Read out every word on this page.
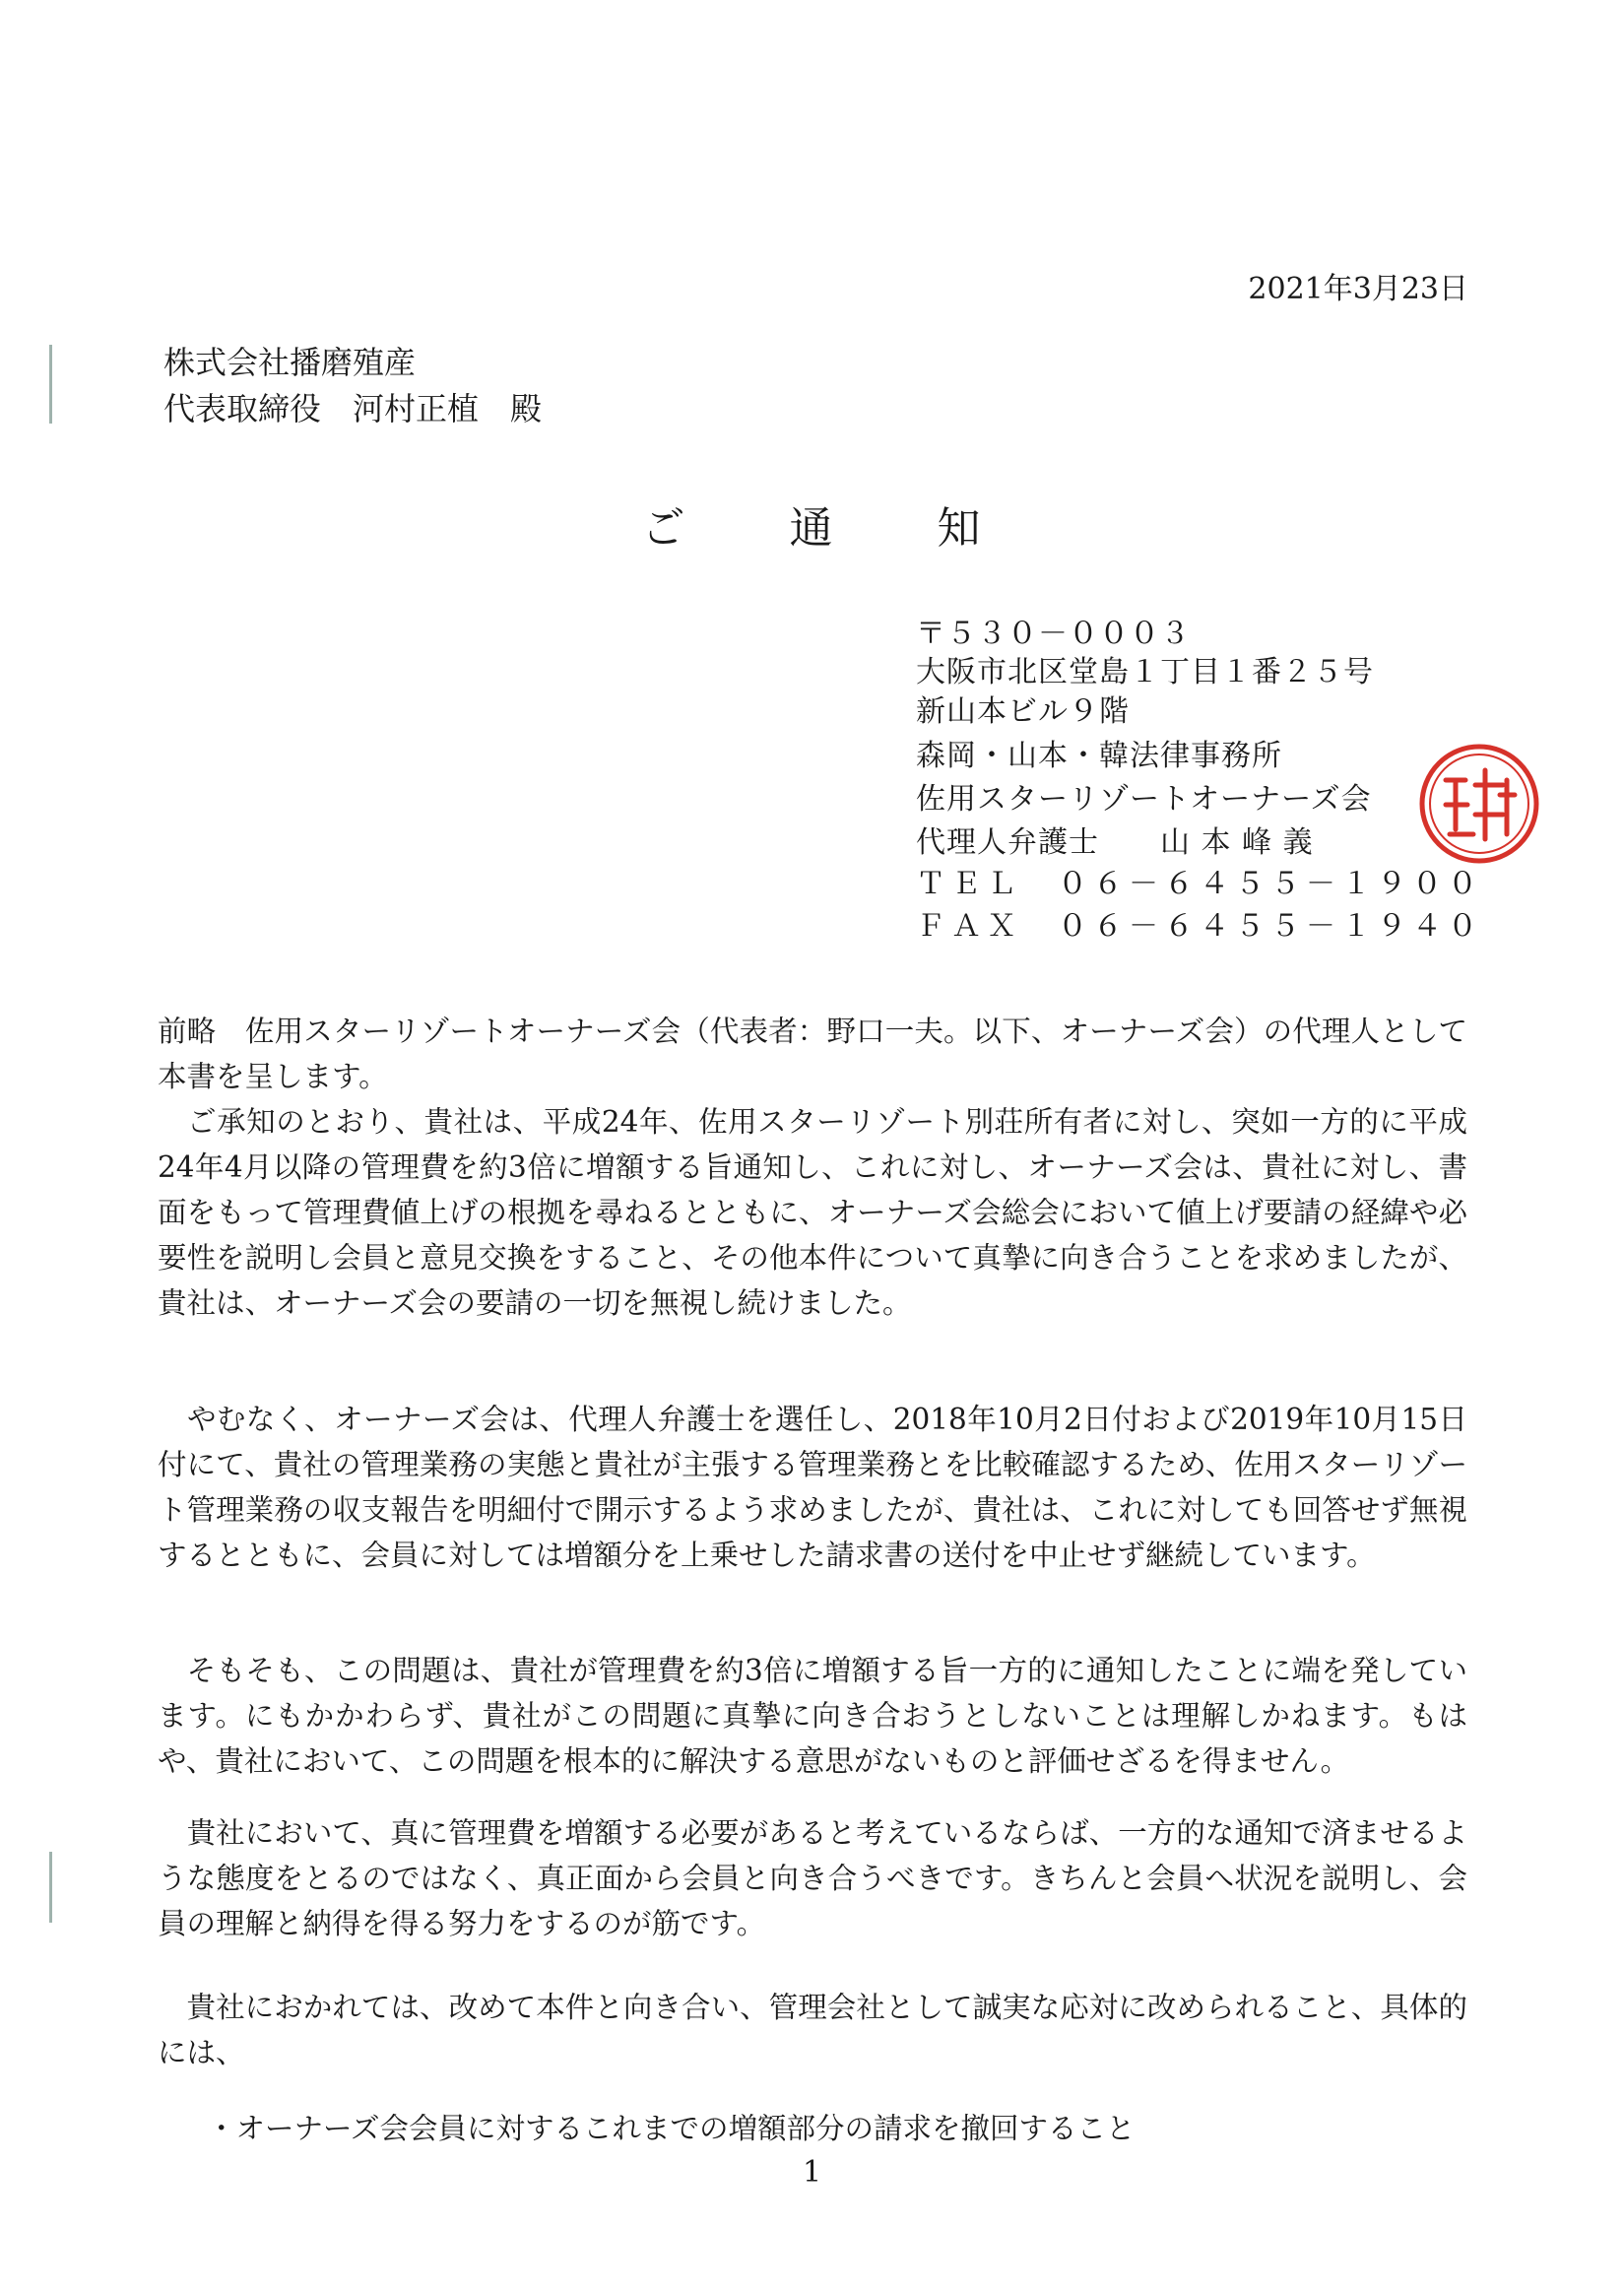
2021年3月23日
株式会社播磨殖産
代表取締役　河村正植　殿
ご 通 知
〒５３０－０００３
大阪市北区堂島１丁目１番２５号
新山本ビル９階
森岡・山本・韓法律事務所
佐用スターリゾートオーナーズ会
代理人弁護士　　山 本 峰 義
ＴＥＬ　０６－６４５５－１９００
ＦＡＸ　０６－６４５５－１９４０
前略　佐用スターリゾートオーナーズ会（代表者：野口一夫。以下、オーナーズ会）の代理人として本書を呈します。
　ご承知のとおり、貴社は、平成24年、佐用スターリゾート別荘所有者に対し、突如一方的に平成24年4月以降の管理費を約3倍に増額する旨通知し、これに対し、オーナーズ会は、貴社に対し、書面をもって管理費値上げの根拠を尋ねるとともに、オーナーズ会総会において値上げ要請の経緯や必要性を説明し会員と意見交換をすること、その他本件について真摯に向き合うことを求めましたが、貴社は、オーナーズ会の要請の一切を無視し続けました。
　やむなく、オーナーズ会は、代理人弁護士を選任し、2018年10月2日付および2019年10月15日付にて、貴社の管理業務の実態と貴社が主張する管理業務とを比較確認するため、佐用スターリゾート管理業務の収支報告を明細付で開示するよう求めましたが、貴社は、これに対しても回答せず無視するとともに、会員に対しては増額分を上乗せした請求書の送付を中止せず継続しています。
　そもそも、この問題は、貴社が管理費を約3倍に増額する旨一方的に通知したことに端を発しています。にもかかわらず、貴社がこの問題に真摯に向き合おうとしないことは理解しかねます。もはや、貴社において、この問題を根本的に解決する意思がないものと評価せざるを得ません。
　貴社において、真に管理費を増額する必要があると考えているならば、一方的な通知で済ませるような態度をとるのではなく、真正面から会員と向き合うべきです。きちんと会員へ状況を説明し、会員の理解と納得を得る努力をするのが筋です。
　貴社におかれては、改めて本件と向き合い、管理会社として誠実な応対に改められること、具体的には、
・オーナーズ会会員に対するこれまでの増額部分の請求を撤回すること
1
